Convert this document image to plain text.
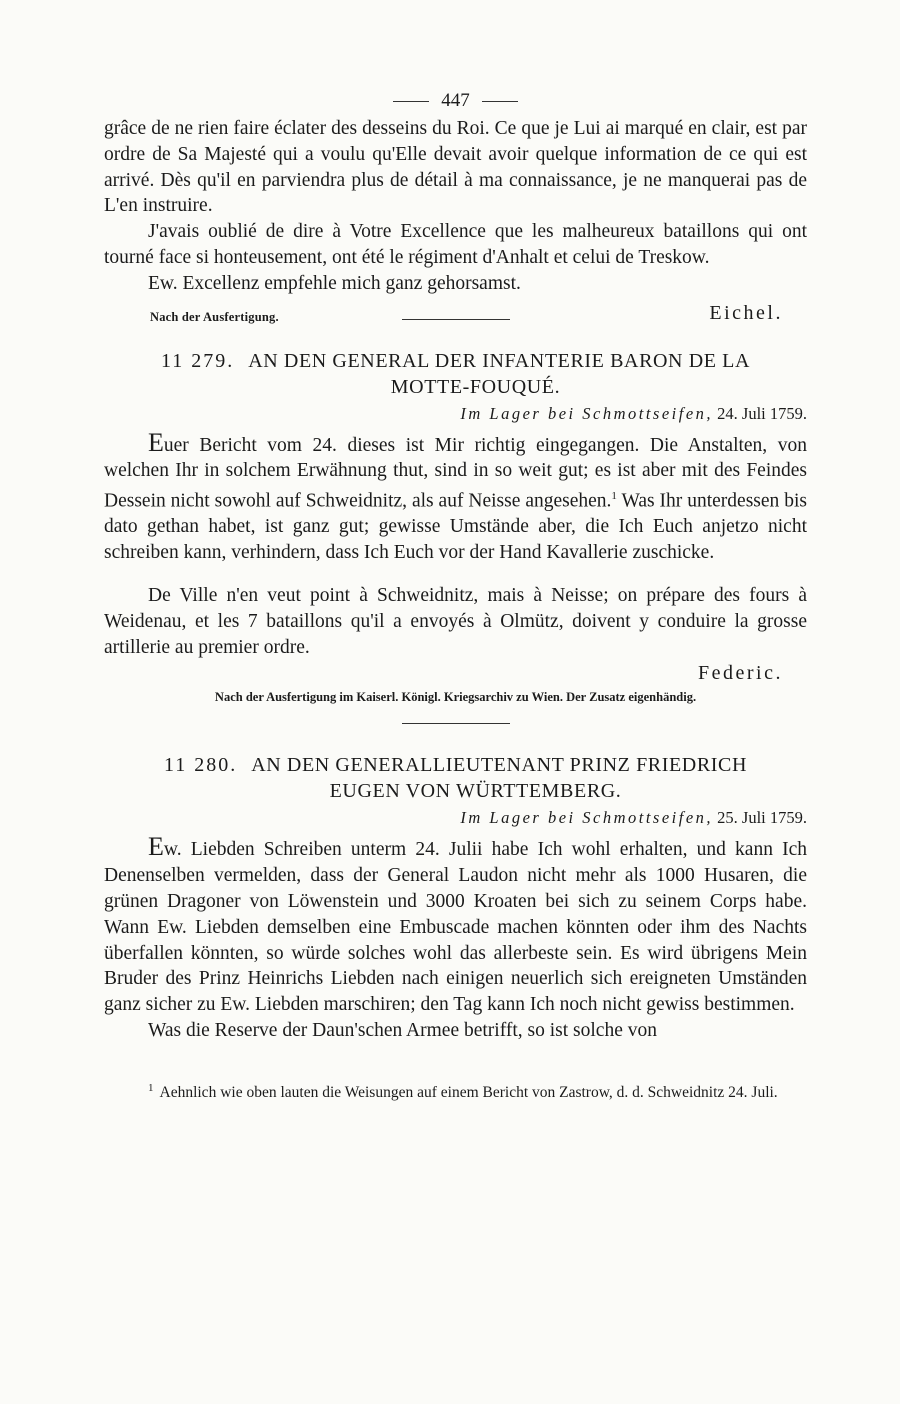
447

grâce de ne rien faire éclater des desseins du Roi. Ce que je Lui ai marqué en clair, est par ordre de Sa Majesté qui a voulu qu'Elle devait avoir quelque information de ce qui est arrivé. Dès qu'il en parviendra plus de détail à ma connaissance, je ne manquerai pas de L'en instruire.

J'avais oublié de dire à Votre Excellence que les malheureux bataillons qui ont tourné face si honteusement, ont été le régiment d'Anhalt et celui de Treskow.

Ew. Excellenz empfehle mich ganz gehorsamst.

Nach der Ausfertigung.	Eichel.
11 279. AN DEN GENERAL DER INFANTERIE BARON DE LA
MOTTE-FOUQUÉ.
Im Lager bei Schmottseifen, 24. Juli 1759.

Euer Bericht vom 24. dieses ist Mir richtig eingegangen. Die Anstalten, von welchen Ihr in solchem Erwähnung thut, sind in so weit gut; es ist aber mit des Feindes Dessein nicht sowohl auf Schweidnitz, als auf Neisse angesehen.$^1$ Was Ihr unterdessen bis dato gethan habet, ist ganz gut; gewisse Umstände aber, die Ich Euch anjetzo nicht schreiben kann, verhindern, dass Ich Euch vor der Hand Kavallerie zuschicke.

De Ville n'en veut point à Schweidnitz, mais à Neisse; on prépare des fours à Weidenau, et les 7 bataillons qu'il a envoyés à Olmütz, doivent y conduire la grosse artillerie au premier ordre.

Federic.
Nach der Ausfertigung im Kaiserl. Königl. Kriegsarchiv zu Wien. Der Zusatz eigenhändig.
11 280. AN DEN GENERALLIEUTENANT PRINZ FRIEDRICH
EUGEN VON WÜRTTEMBERG.
Im Lager bei Schmottseifen, 25. Juli 1759.

Ew. Liebden Schreiben unterm 24. Julii habe Ich wohl erhalten, und kann Ich Denenselben vermelden, dass der General Laudon nicht mehr als 1000 Husaren, die grünen Dragoner von Löwenstein und 3000 Kroaten bei sich zu seinem Corps habe. Wann Ew. Liebden demselben eine Embuscade machen könnten oder ihm des Nachts überfallen könnten, so würde solches wohl das allerbeste sein. Es wird übrigens Mein Bruder des Prinz Heinrichs Liebden nach einigen neuerlich sich ereigneten Umständen ganz sicher zu Ew. Liebden marschiren; den Tag kann Ich noch nicht gewiss bestimmen.

Was die Reserve der Daun'schen Armee betrifft, so ist solche von

$^1$ Aehnlich wie oben lauten die Weisungen auf einem Bericht von Zastrow, d. d. Schweidnitz 24. Juli.
